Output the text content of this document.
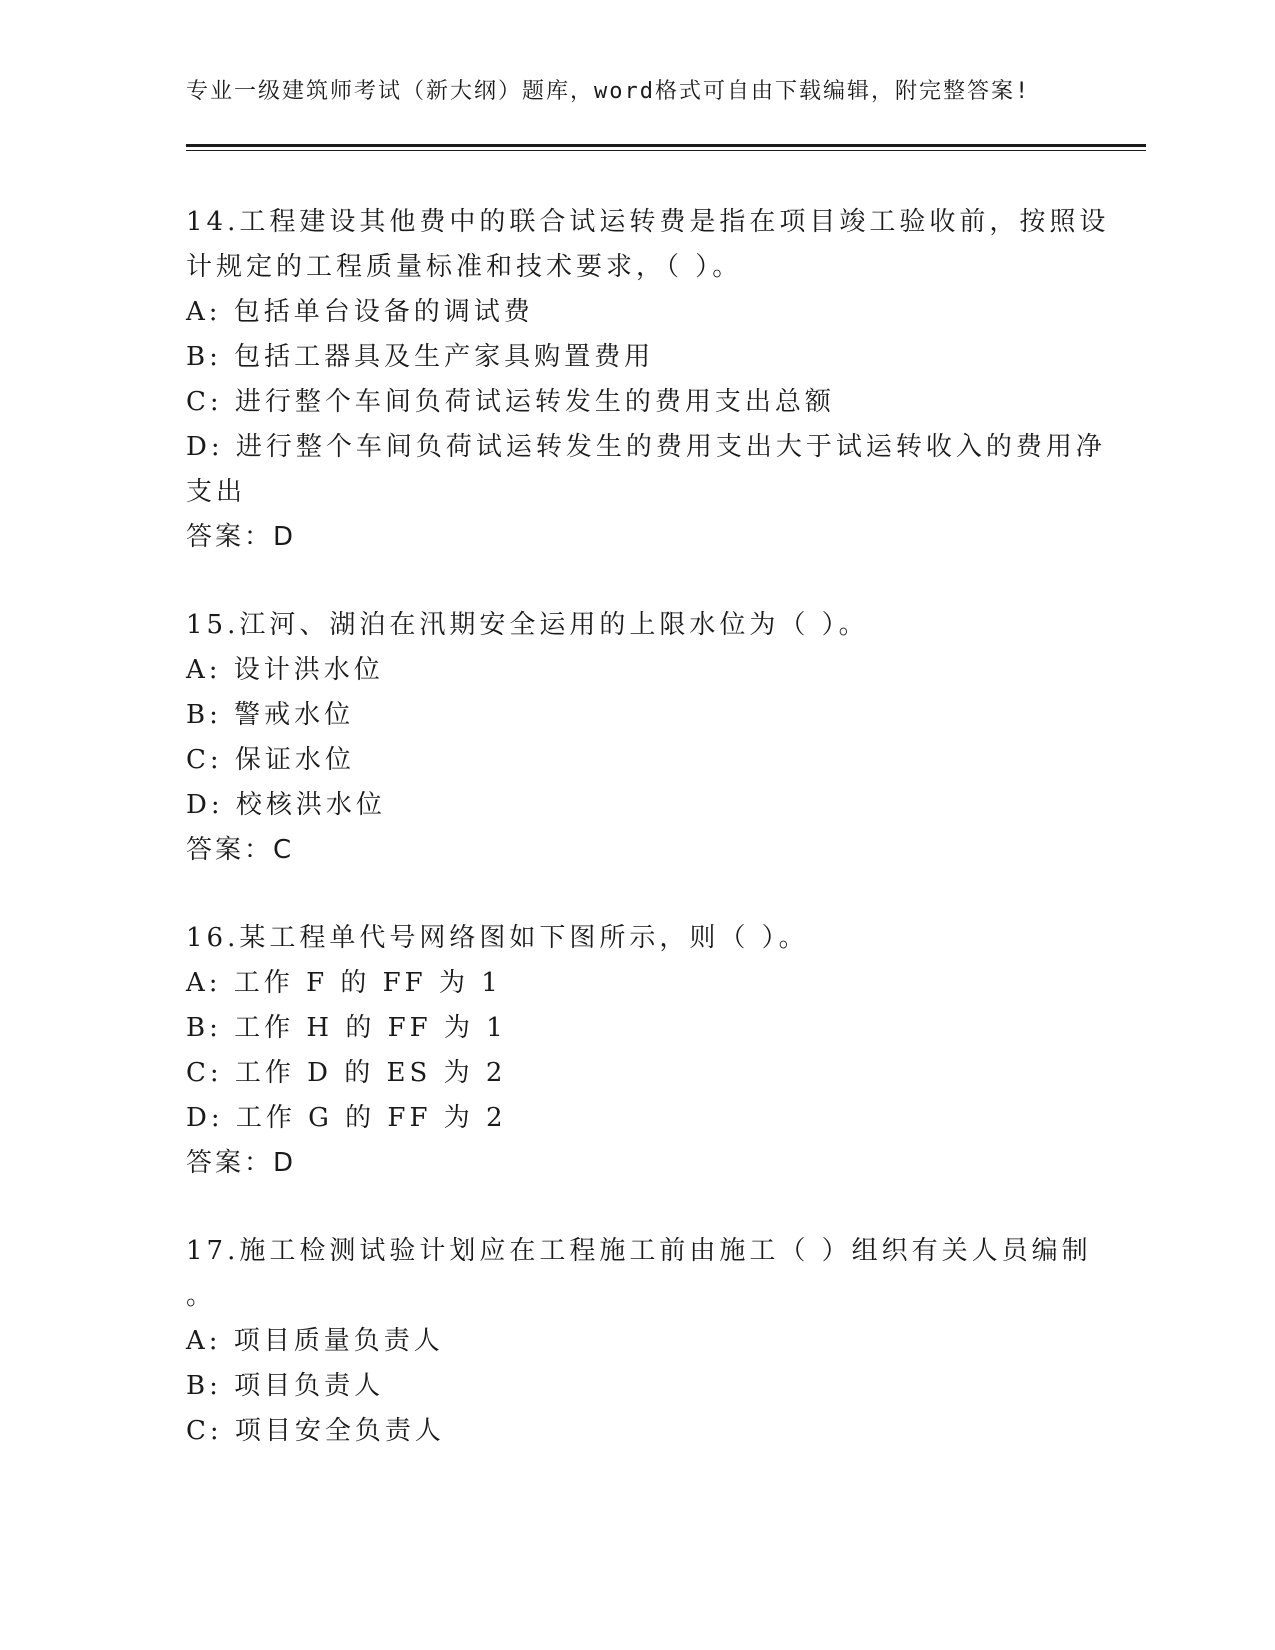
专业一级建筑师考试（新大纲）题库，word格式可自由下载编辑，附完整答案!
14.工程建设其他费中的联合试运转费是指在项目竣工验收前，按照设
计规定的工程质量标准和技术要求，（ ）。
A: 包括单台设备的调试费
B: 包括工器具及生产家具购置费用
C: 进行整个车间负荷试运转发生的费用支出总额
D: 进行整个车间负荷试运转发生的费用支出大于试运转收入的费用净
支出
答案：D
15.江河、湖泊在汛期安全运用的上限水位为（ ）。
A: 设计洪水位
B: 警戒水位
C: 保证水位
D: 校核洪水位
答案：C
16.某工程单代号网络图如下图所示，则（ ）。
A: 工作 F 的 FF 为 1
B: 工作 H 的 FF 为 1
C: 工作 D 的 ES 为 2
D: 工作 G 的 FF 为 2
答案：D
17.施工检测试验计划应在工程施工前由施工（ ）组织有关人员编制
。
A: 项目质量负责人
B: 项目负责人
C: 项目安全负责人
